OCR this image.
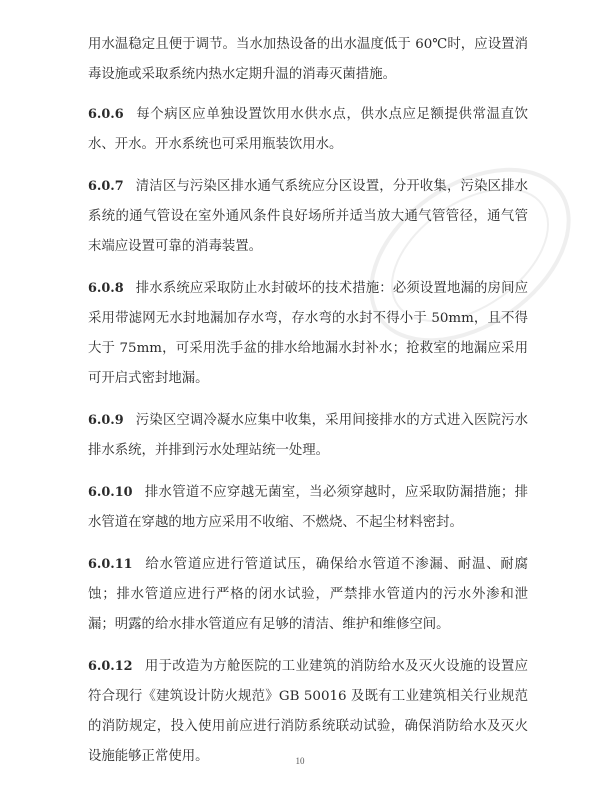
用水温稳定且便于调节。当水加热设备的出水温度低于 60℃时，应设置消毒设施或采取系统内热水定期升温的消毒灭菌措施。

6.0.6 每个病区应单独设置饮用水供水点，供水点应足额提供常温直饮水、开水。开水系统也可采用瓶装饮用水。

6.0.7 清洁区与污染区排水通气系统应分区设置，分开收集，污染区排水系统的通气管设在室外通风条件良好场所并适当放大通气管管径，通气管末端应设置可靠的消毒装置。

6.0.8 排水系统应采取防止水封破坏的技术措施：必须设置地漏的房间应采用带滤网无水封地漏加存水弯，存水弯的水封不得小于 50mm，且不得大于 75mm，可采用洗手盆的排水给地漏水封补水；抢救室的地漏应采用可开启式密封地漏。

6.0.9 污染区空调冷凝水应集中收集，采用间接排水的方式进入医院污水排水系统，并排到污水处理站统一处理。

6.0.10 排水管道不应穿越无菌室，当必须穿越时，应采取防漏措施；排水管道在穿越的地方应采用不收缩、不燃烧、不起尘材料密封。

6.0.11 给水管道应进行管道试压，确保给水管道不渗漏、耐温、耐腐蚀；排水管道应进行严格的闭水试验，严禁排水管道内的污水外渗和泄漏；明露的给水排水管道应有足够的清洁、维护和维修空间。

6.0.12 用于改造为方舱医院的工业建筑的消防给水及灭火设施的设置应符合现行《建筑设计防火规范》GB 50016 及既有工业建筑相关行业规范的消防规定，投入使用前应进行消防系统联动试验，确保消防给水及灭火设施能够正常使用。	10
